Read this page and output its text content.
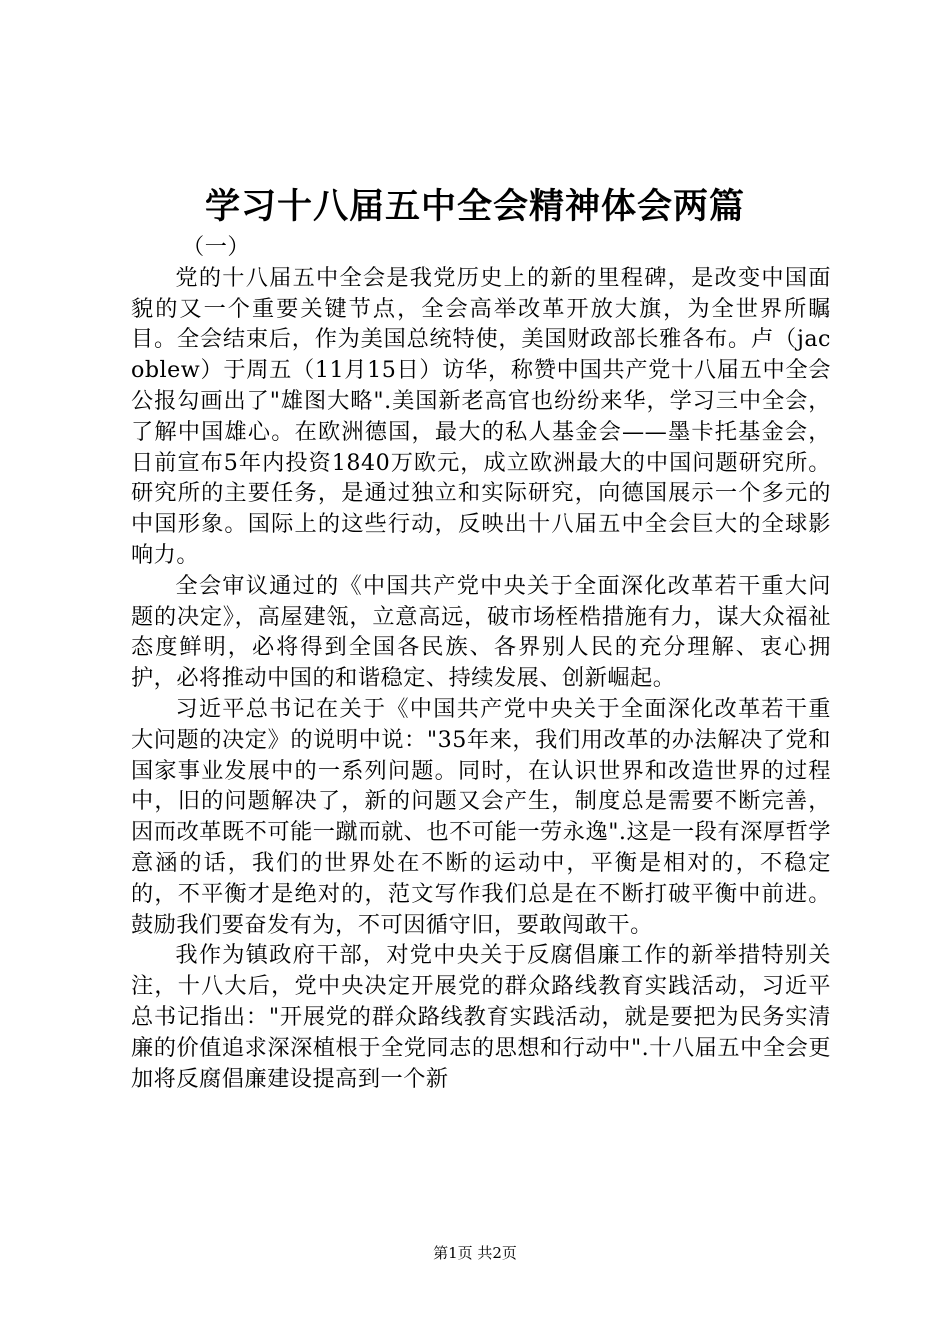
学习十八届五中全会精神体会两篇

（一）

党的十八届五中全会是我党历史上的新的里程碑，是改变中国面貌的又一个重要关键节点，全会高举改革开放大旗，为全世界所瞩目。全会结束后，作为美国总统特使，美国财政部长雅各布。卢（jacoblew）于周五（11月15日）访华，称赞中国共产党十八届五中全会公报勾画出了"雄图大略".美国新老高官也纷纷来华，学习三中全会，了解中国雄心。在欧洲德国，最大的私人基金会——墨卡托基金会，日前宣布5年内投资1840万欧元，成立欧洲最大的中国问题研究所。研究所的主要任务，是通过独立和实际研究，向德国展示一个多元的中国形象。国际上的这些行动，反映出十八届五中全会巨大的全球影响力。

全会审议通过的《中国共产党中央关于全面深化改革若干重大问题的决定》，高屋建瓴，立意高远，破市场桎梏措施有力，谋大众福祉态度鲜明，必将得到全国各民族、各界别人民的充分理解、衷心拥护，必将推动中国的和谐稳定、持续发展、创新崛起。

习近平总书记在关于《中国共产党中央关于全面深化改革若干重大问题的决定》的说明中说："35年来，我们用改革的办法解决了党和国家事业发展中的一系列问题。同时，在认识世界和改造世界的过程中，旧的问题解决了，新的问题又会产生，制度总是需要不断完善，因而改革既不可能一蹴而就、也不可能一劳永逸".这是一段有深厚哲学意涵的话，我们的世界处在不断的运动中，平衡是相对的，不稳定的，不平衡才是绝对的，范文写作我们总是在不断打破平衡中前进。鼓励我们要奋发有为，不可因循守旧，要敢闯敢干。

我作为镇政府干部，对党中央关于反腐倡廉工作的新举措特别关注，十八大后，党中央决定开展党的群众路线教育实践活动，习近平总书记指出："开展党的群众路线教育实践活动，就是要把为民务实清廉的价值追求深深植根于全党同志的思想和行动中".十八届五中全会更加将反腐倡廉建设提高到一个新

第1页 共2页
